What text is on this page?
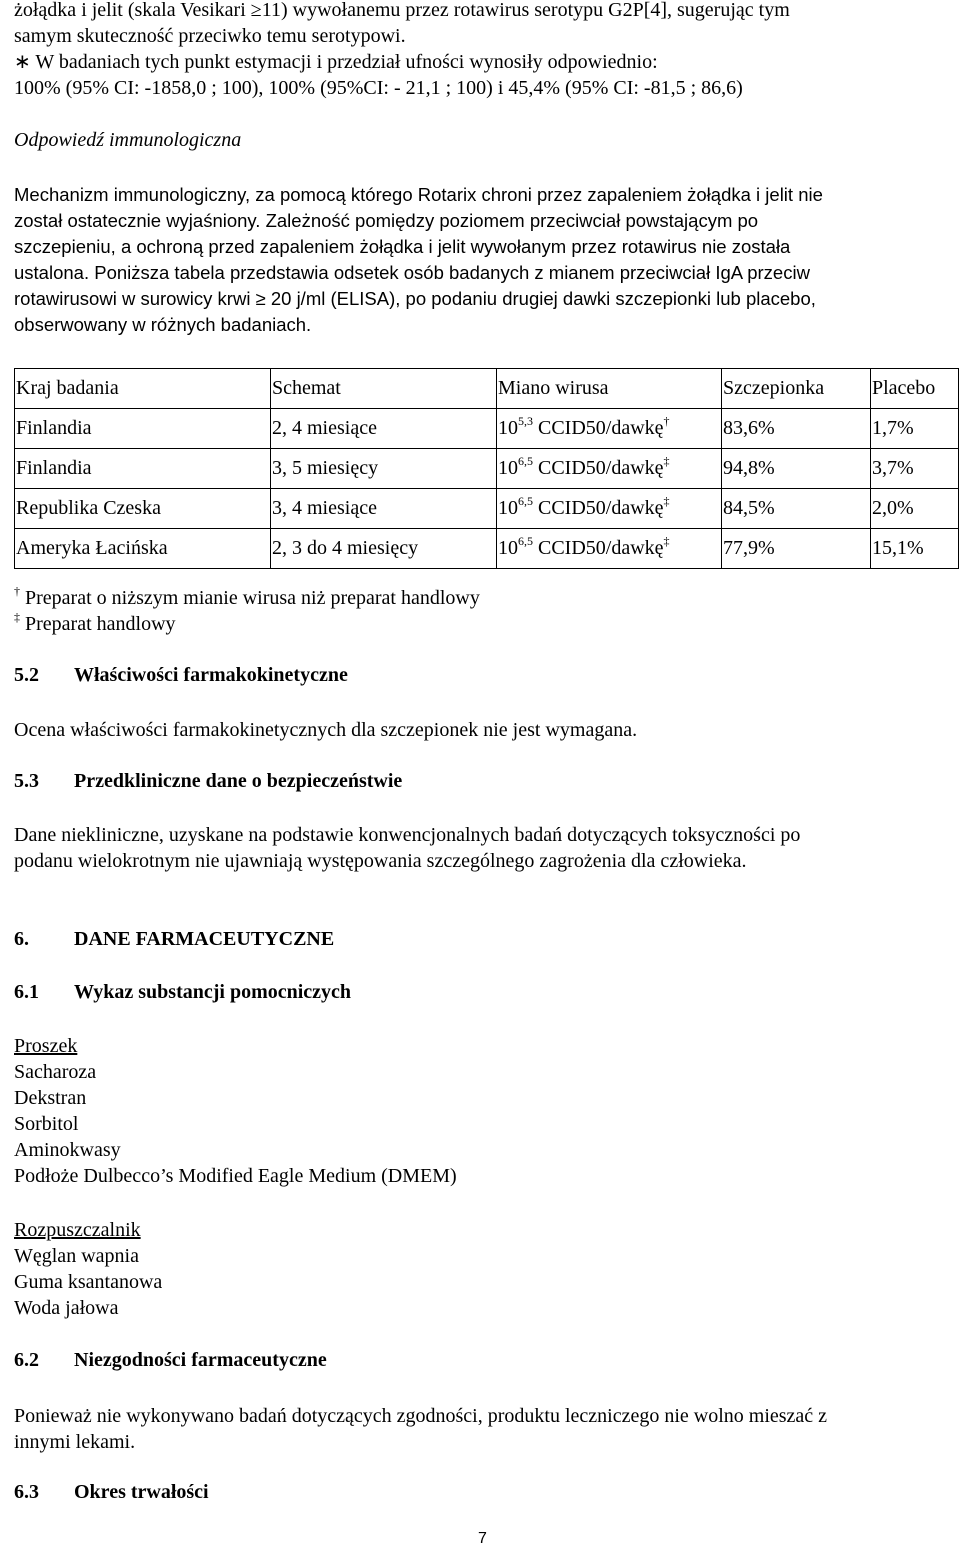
żołądka i jelit (skala Vesikari ≥11) wywołanemu przez rotawirus serotypu G2P[4], sugerując tym

samym skuteczność przeciwko temu serotypowi.

∗ W badaniach tych punkt estymacji i przedział ufności wynosiły odpowiednio:

100% (95% CI: -1858,0 ; 100), 100% (95%CI: - 21,1 ; 100) i 45,4% (95% CI: -81,5 ; 86,6)

Odpowiedź immunologiczna

Mechanizm immunologiczny, za pomocą którego Rotarix chroni przez zapaleniem żołądka i jelit nie

został ostatecznie wyjaśniony. Zależność pomiędzy poziomem przeciwciał powstającym po

szczepieniu, a ochroną przed zapaleniem żołądka i jelit wywołanym przez rotawirus nie została

ustalona. Poniższa tabela przedstawia odsetek osób badanych z mianem przeciwciał IgA przeciw

rotawirusowi w surowicy krwi ≥ 20 j/ml (ELISA), po podaniu drugiej dawki szczepionki lub placebo,

obserwowany w różnych badaniach.

Kraj badania	Schemat	Miano wirusa	Szczepionka	Placebo
Finlandia	2, 4 miesiące	10$^{5,3}$ CCID50/dawkę†	83,6%	1,7%
Finlandia	3, 5 miesięcy	10$^{6,5}$ CCID50/dawkę‡	94,8%	3,7%
Republika Czeska	3, 4 miesiące	10$^{6,5}$ CCID50/dawkę‡	84,5%	2,0%
Ameryka Łacińska	2, 3 do 4 miesięcy	10$^{6,5}$ CCID50/dawkę‡	77,9%	15,1%

† Preparat o niższym mianie wirusa niż preparat handlowy

‡ Preparat handlowy

5.2 Właściwości farmakokinetyczne

Ocena właściwości farmakokinetycznych dla szczepionek nie jest wymagana.

5.3 Przedkliniczne dane o bezpieczeństwie

Dane niekliniczne, uzyskane na podstawie konwencjonalnych badań dotyczących toksyczności po

podanu wielokrotnym nie ujawniają występowania szczególnego zagrożenia dla człowieka.

6. DANE FARMACEUTYCZNE
6.1 Wykaz substancji pomocniczych

Proszek

Sacharoza

Dekstran

Sorbitol

Aminokwasy

Podłoże Dulbecco’s Modified Eagle Medium (DMEM)

Rozpuszczalnik

Węglan wapnia

Guma ksantanowa

Woda jałowa

6.2 Niezgodności farmaceutyczne

Ponieważ nie wykonywano badań dotyczących zgodności, produktu leczniczego nie wolno mieszać z

innymi lekami.

6.3 Okres trwałości
7
